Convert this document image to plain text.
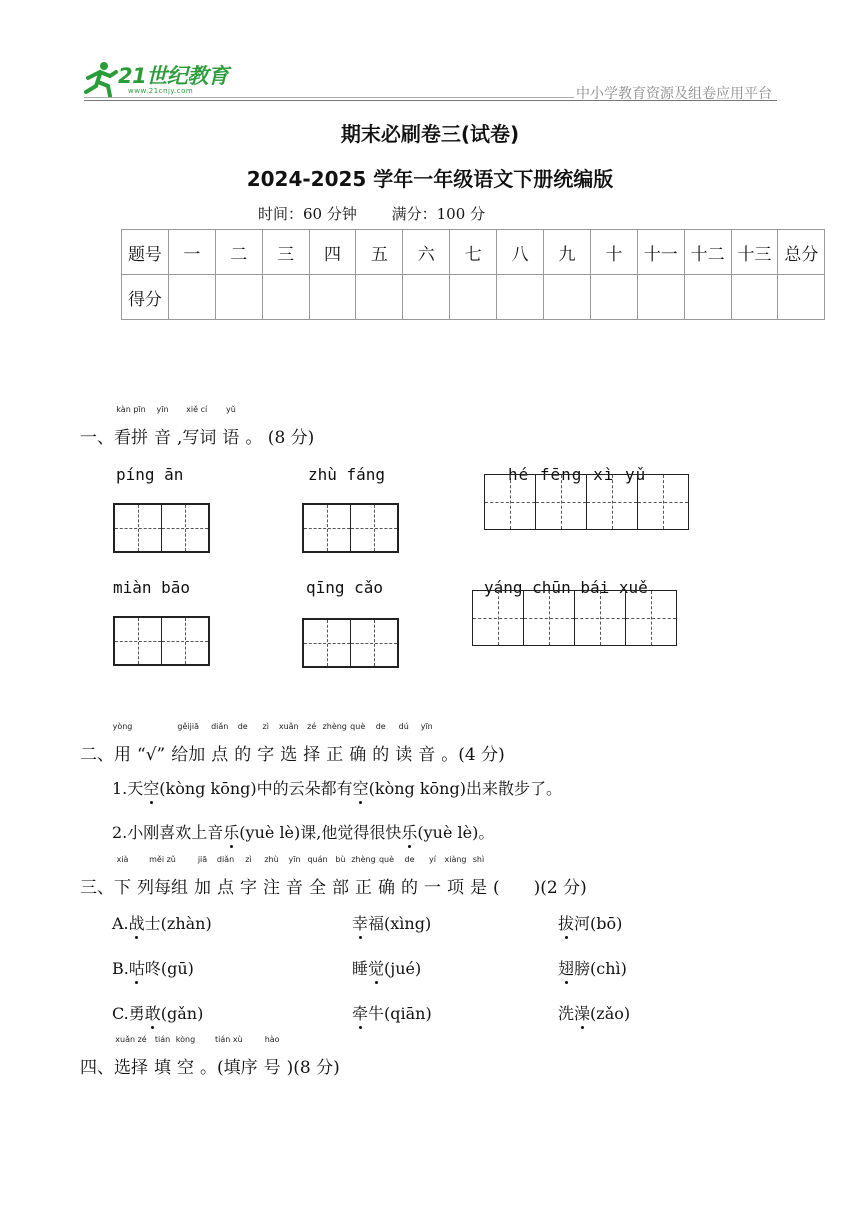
21世纪教育
www.21cnjy.com	中小学教育资源及组卷应用平台
期末必刷卷三(试卷)
2024-2025 学年一年级语文下册统编版
时间：60 分钟 满分：100 分
题号	一	二	三	四	五	六	七	八	九	十	十一	十二	十三	总分
得分														
一、
kàn pīn
看拼
yīn
音
xiě cí
,写词
yǔ
语 。 (8 分)
píng ān	zhù fáng	hé fēng xì yǔ
miàn bāo	qīng cǎo	yáng chūn bái xuě
二、
yòng
用 “√”
gěijiā
给加
diǎn
点
de
的
zì
字
xuǎn
选
zé
择
zhèng
正
què
确
de
的
dú
读
yīn
音 。(4 分)
1.天空(kòng kōng)中的云朵都有空(kòng kōng)出来散步了。
2.小刚喜欢上音乐(yuè lè)课,他觉得很快乐(yuè lè)。
三、
xià
下
měi zǔ
列每组
jiā
加
diǎn
点
zì
字
zhù
注
yīn
音
quán
全
bù
部
zhèng
正
què
确
de
的
yí
一
xiàng
项
shì
是 (　　)(2 分)
A.战士(zhàn)	幸福(xìng)	拔河(bō)
B.咕咚(gū)	睡觉(jué)	翅膀(chì)
C.勇敢(gǎn)	牵牛(qiān)	洗澡(zǎo)
四、
xuǎn zé
选择
tián
填
kòng
空
tián xù
。(填序
hào
号 )(8 分)
